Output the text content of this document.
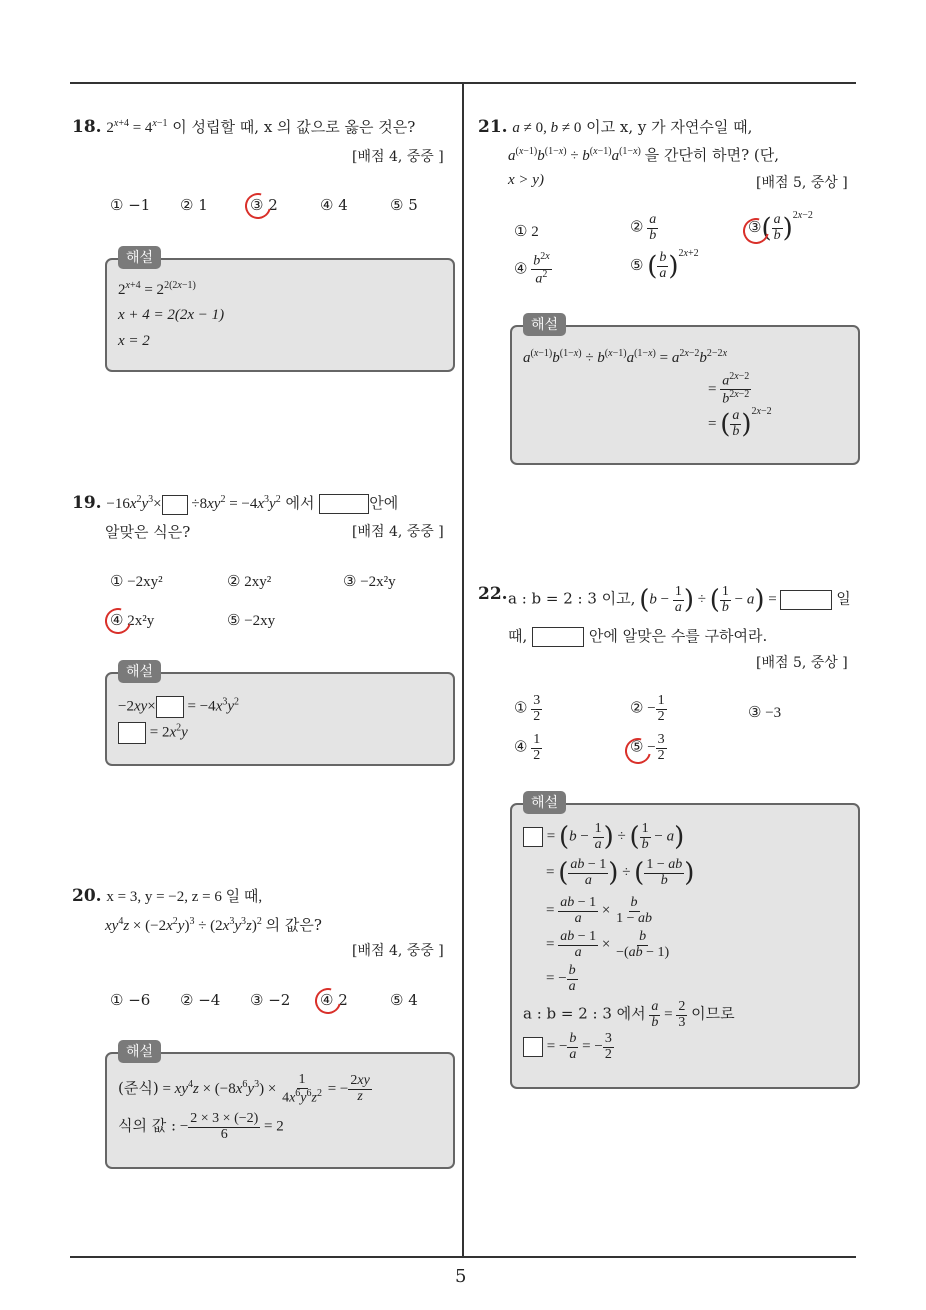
5
18. $2^{x+4} = 4^{x-1}$ 이 성립할 때, x 의 값으로 옳은 것은?
[배점 4, 중중 ]
① −1 ② 1	③ 2	④ 4	⑤ 5
해설
$2^{x+4} = 2^{2(2x-1)}$
x + 4 = 2(2x − 1)
x = 2
19. $-16x^2y^3\times \div 8xy^2 = -4x^3y^2$ 에서	안에
알맞은 식은?	[배점 4, 중중 ]
① −2xy²	② 2xy²	③ −2x²y
④ 2x²y	⑤ −2xy
해설
$-2xy\times = -4x^3y^2$
= $2x^2y$
20. x = 3, y = −2, z = 6 일 때,
$xy^4z \times (-2x^2y)^3 \div (2x^3y^3z)^2$ 의 값은?
[배점 4, 중중 ]
① −6 ② −4 ③ −2 ④ 2	⑤ 4
해설
(준식) = $xy^4z \times (-8x^6y^3) \times \frac{1}{4x^6y^6z^2}$ = − $\frac{2xy}{z}$
식의 값 : − $\frac{2 \times 3 \times (-2)}{6} = 2$
21. a ≠ 0, b ≠ 0 이고 x, y 가 자연수일 때,
$a^{(x-1)}b^{(1-x)} \div b^{(x-1)}a^{(1-x)}$ 을 간단히 하면? (단,
x > y)	[배점 5, 중상 ]
① 2	② $\frac{a}{b}$	③( $\frac{a}{b} )^{2x-2}$
④ $\frac{b^{2x}}{a^2}$	⑤ ( $\frac{b}{a} )^{2x+2}$
해설
$a^{(x-1)}b^{(1-x)} \div b^{(x-1)}a^{(1-x)} = a^{2x-2}b^{2-2x}$
= $\frac{a^{2x-2}}{b^{2x-2}}$
= ( $\frac{a}{b} )^{2x-2}$
22. a : b = 2 : 3 이고, ($b - \frac{1}{a}$ ) ÷ ( $\frac{1}{b} - a$) =	일
때,	안에 알맞은 수를 구하여라.
[배점 5, 중상 ]
① $\frac{3}{2}$	② − $\frac{1}{2}$	③ −3
④ $\frac{1}{2}$	⑤ − $\frac{3}{2}$
해설
= ($b - \frac{1}{a}$ ) ÷ ( $\frac{1}{b} - a$)
= ( $\frac{ab - 1}{a}$ ) ÷ ( $\frac{1 - ab}{b}$ )
= $\frac{ab - 1}{a} \times \frac{b}{1 - ab}$
= $\frac{ab - 1}{a} \times \frac{b}{-(ab - 1)}$
= − $\frac{b}{a}$
a : b = 2 : 3 에서 $\frac{a}{b} = \frac{2}{3}$ 이므로
= − $\frac{b}{a}$ = − $\frac{3}{2}$
